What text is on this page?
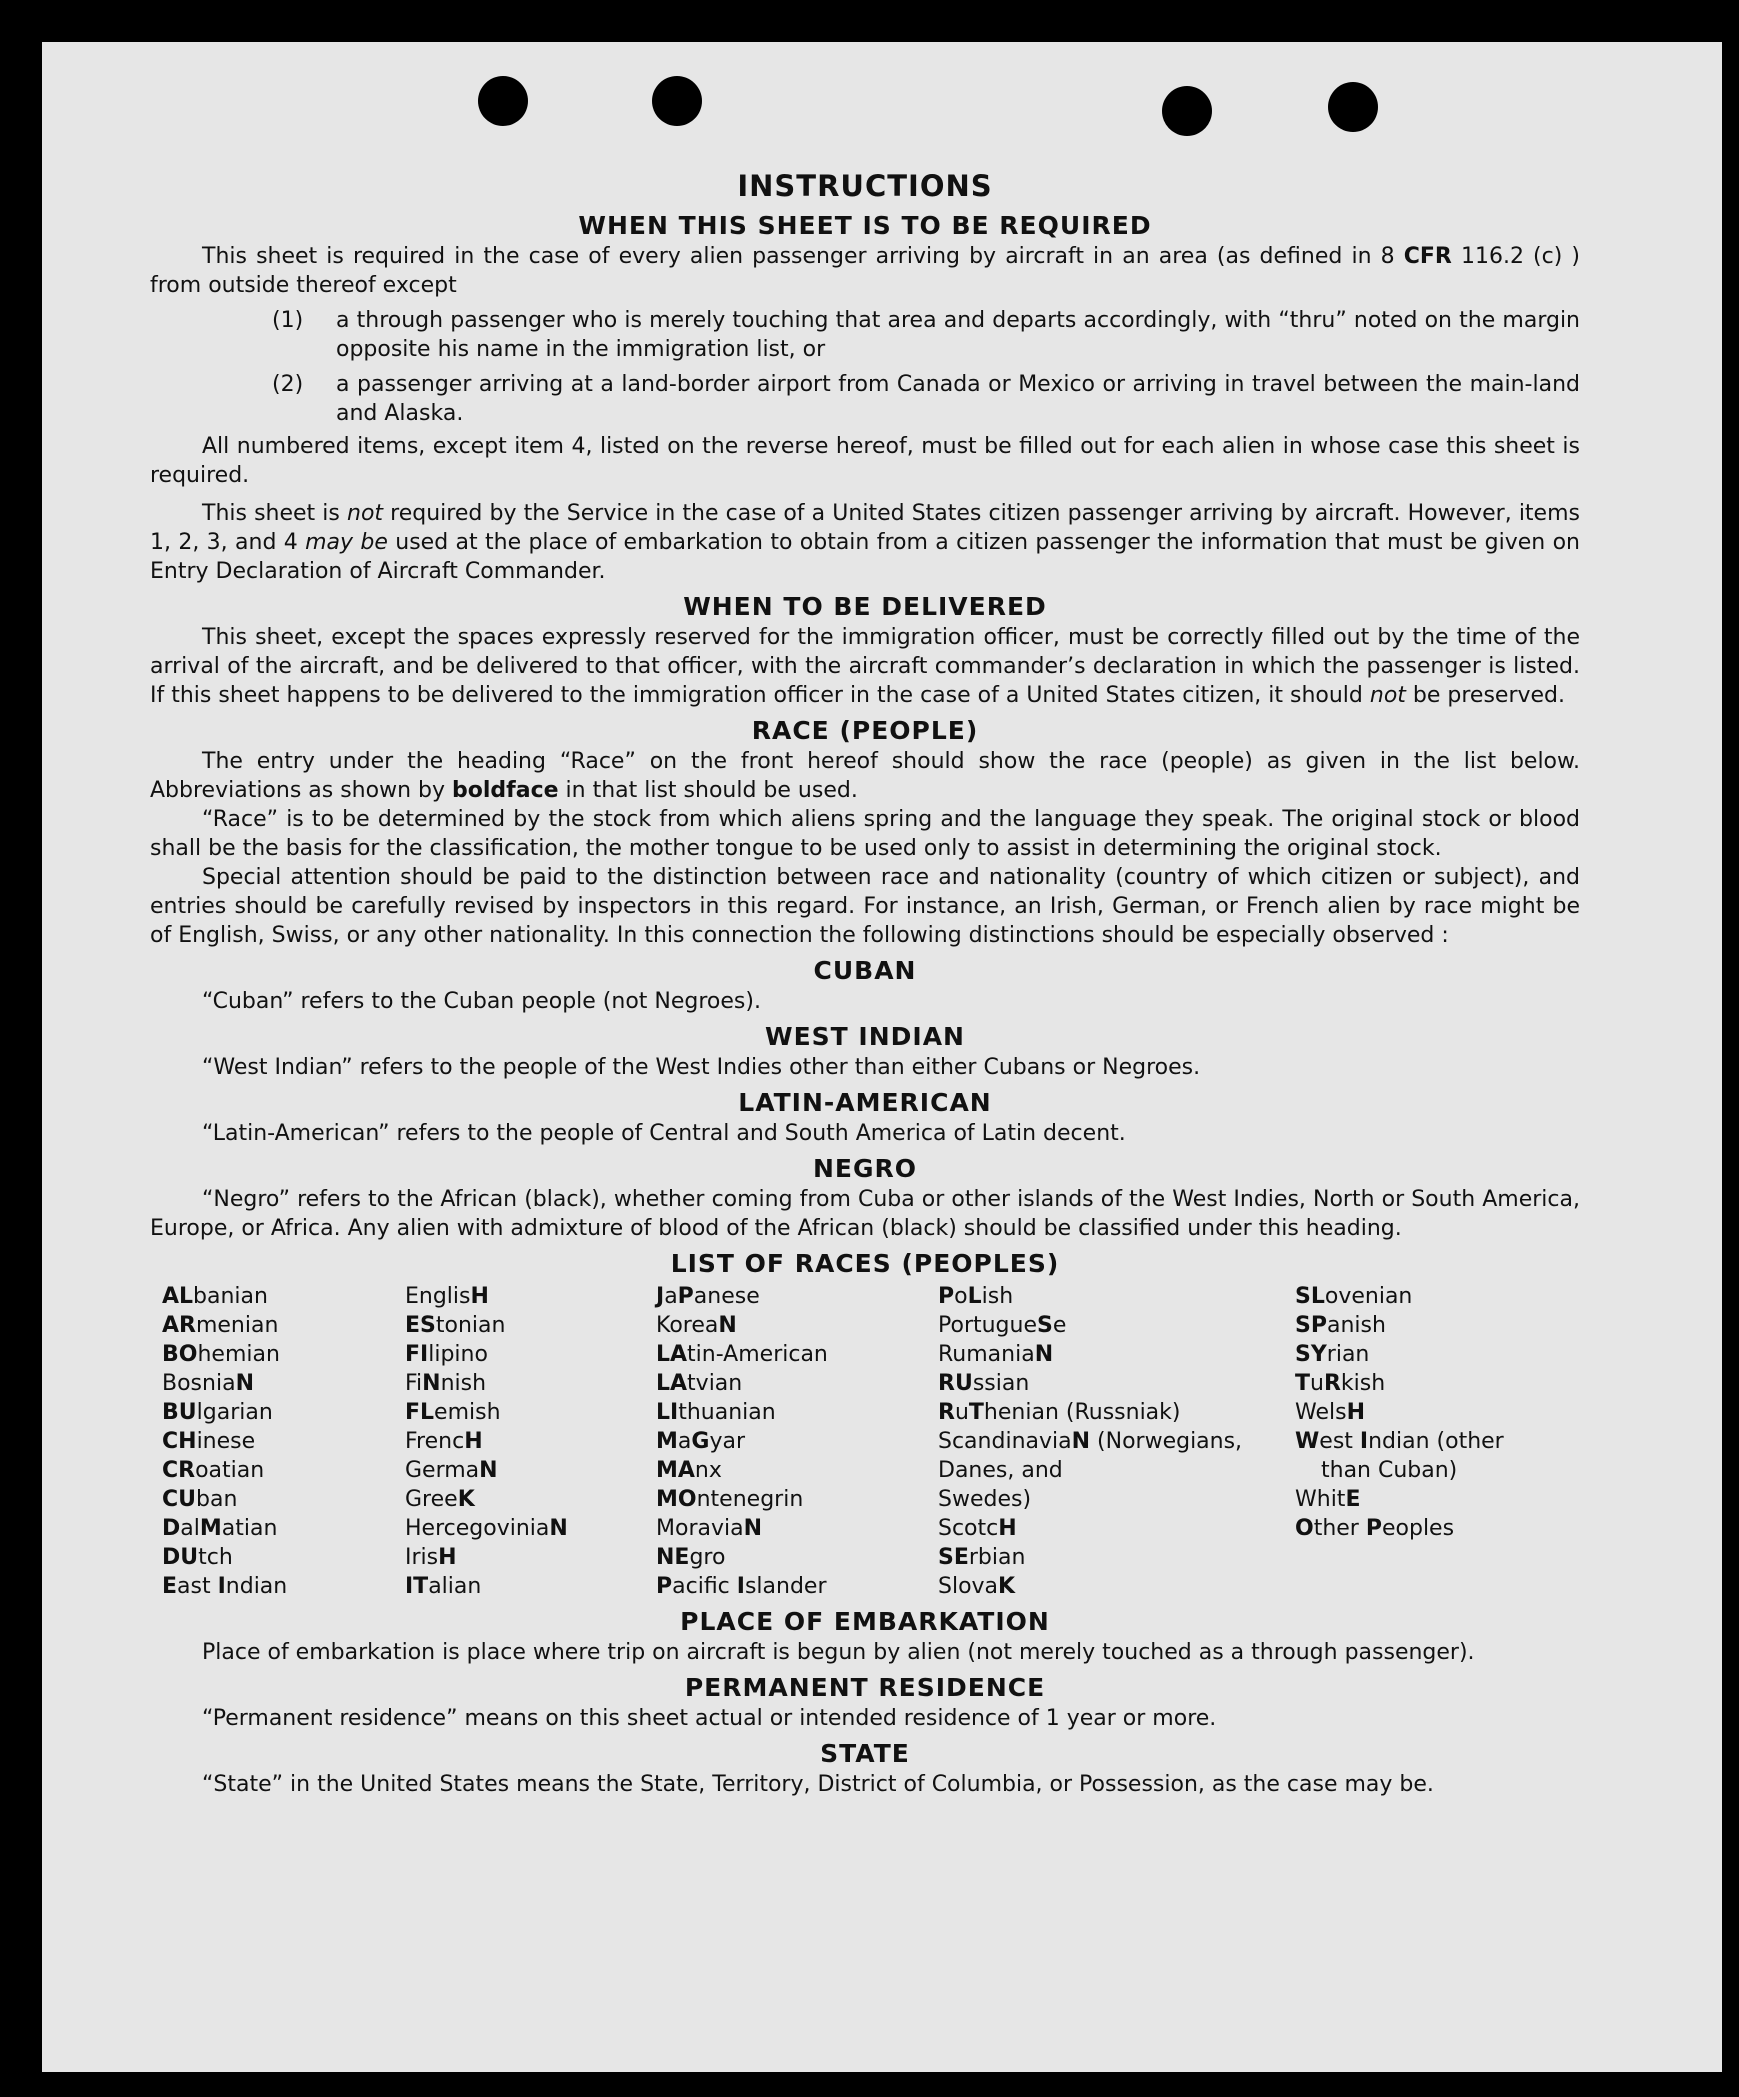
INSTRUCTIONS
WHEN THIS SHEET IS TO BE REQUIRED

This sheet is required in the case of every alien passenger arriving by aircraft in an area (as defined in 8 CFR 116.2 (c) ) from outside thereof except

(1)	a through passenger who is merely touching that area and departs accordingly, with “thru” noted on the margin opposite his name in the immigration list, or
(2)	a passenger arriving at a land-border airport from Canada or Mexico or arriving in travel between the main-land and Alaska.

All numbered items, except item 4, listed on the reverse hereof, must be filled out for each alien in whose case this sheet is required.

This sheet is not required by the Service in the case of a United States citizen passenger arriving by aircraft. However, items 1, 2, 3, and 4 may be used at the place of embarkation to obtain from a citizen passenger the information that must be given on Entry Declaration of Aircraft Commander.

WHEN TO BE DELIVERED

This sheet, except the spaces expressly reserved for the immigration officer, must be correctly filled out by the time of the arrival of the aircraft, and be delivered to that officer, with the aircraft commander’s declaration in which the passenger is listed. If this sheet happens to be delivered to the immigration officer in the case of a United States citizen, it should not be preserved.

RACE (PEOPLE)

The entry under the heading “Race” on the front hereof should show the race (people) as given in the list below. Abbreviations as shown by boldface in that list should be used.

“Race” is to be determined by the stock from which aliens spring and the language they speak. The original stock or blood shall be the basis for the classification, the mother tongue to be used only to assist in determining the original stock.

Special attention should be paid to the distinction between race and nationality (country of which citizen or subject), and entries should be carefully revised by inspectors in this regard. For instance, an Irish, German, or French alien by race might be of English, Swiss, or any other nationality. In this connection the following distinctions should be especially observed :

CUBAN

“Cuban” refers to the Cuban people (not Negroes).

WEST INDIAN

“West Indian” refers to the people of the West Indies other than either Cubans or Negroes.

LATIN-AMERICAN

“Latin-American” refers to the people of Central and South America of Latin decent.

NEGRO

“Negro” refers to the African (black), whether coming from Cuba or other islands of the West Indies, North or South America, Europe, or Africa. Any alien with admixture of blood of the African (black) should be classified under this heading.

LIST OF RACES (PEOPLES)
ALbanian
ARmenian
BOhemian
BosniaN
BUlgarian
CHinese
CRoatian
CUban
DalMatian
DUtch
East Indian
EnglisH
EStonian
FIlipino
FiNnish
FLemish
FrencH
GermaN
GreeK
HercegoviniaN
IrisH
ITalian
JaPanese
KoreaN
LAtin-American
LAtvian
LIthuanian
MaGyar
MAnx
MOntenegrin
MoraviaN
NEgro
Pacific Islander
PoLish
PortugueSe
RumaniaN
RUssian
RuThenian (Russniak)
ScandinaviaN (Norwegians,
Danes, and
Swedes)
ScotcH
SErbian
SlovaK
SLovenian
SPanish
SYrian
TuRkish
WelsH
West Indian (other
than Cuban)
WhitE
Other Peoples
PLACE OF EMBARKATION

Place of embarkation is place where trip on aircraft is begun by alien (not merely touched as a through passenger).

PERMANENT RESIDENCE

“Permanent residence” means on this sheet actual or intended residence of 1 year or more.

STATE

“State” in the United States means the State, Territory, District of Columbia, or Possession, as the case may be.
